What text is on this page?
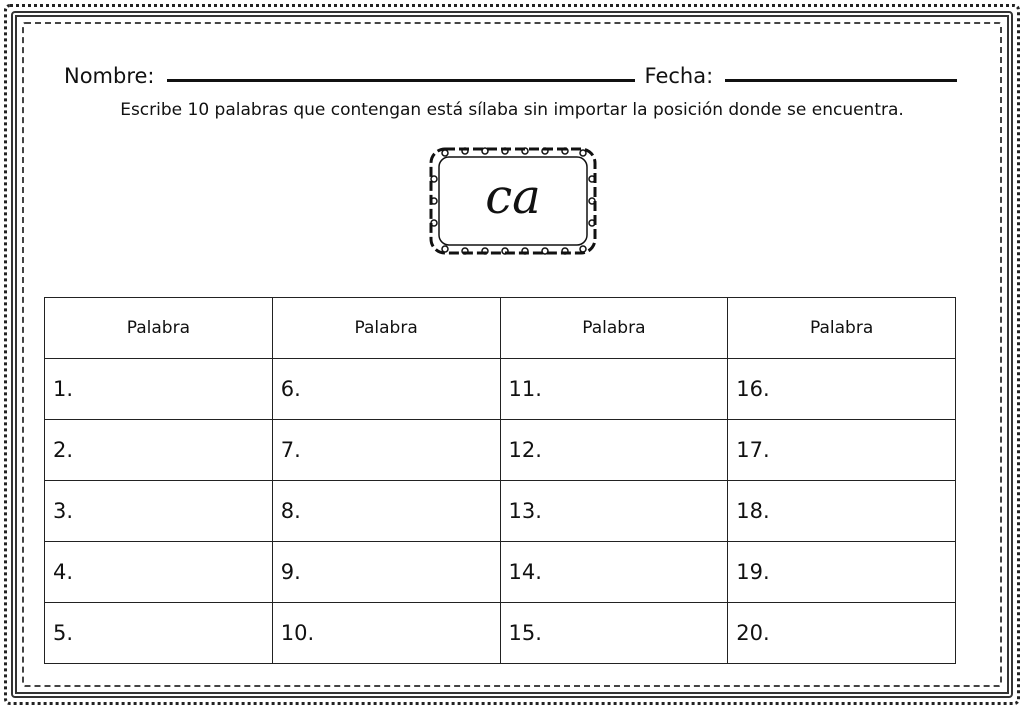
Nombre:	Fecha:
Escribe 10 palabras que contengan está sílaba sin importar la posición donde se encuentra.
ca
Palabra	Palabra	Palabra	Palabra
1.	6.	11.	16.
2.	7.	12.	17.
3.	8.	13.	18.
4.	9.	14.	19.
5.	10.	15.	20.
